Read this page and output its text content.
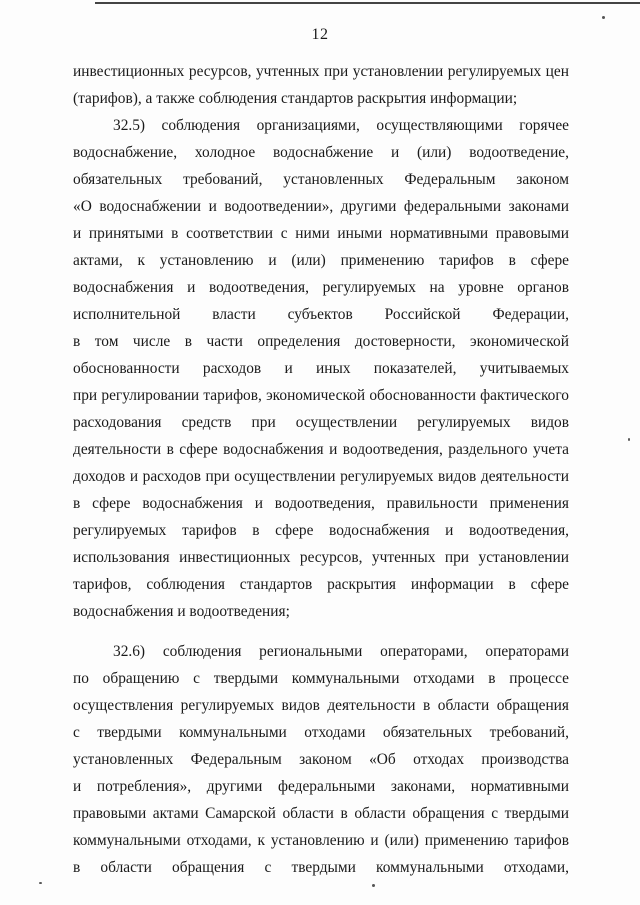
12
инвестиционных ресурсов, учтенных при установлении регулируемых цен
(тарифов), а также соблюдения стандартов раскрытия информации;
32.5) соблюдения организациями, осуществляющими горячее
водоснабжение, холодное водоснабжение и (или) водоотведение,
обязательных требований, установленных Федеральным законом
«О водоснабжении и водоотведении», другими федеральными законами
и принятыми в соответствии с ними иными нормативными правовыми
актами, к установлению и (или) применению тарифов в сфере
водоснабжения и водоотведения, регулируемых на уровне органов
исполнительной власти субъектов Российской Федерации,
в том числе в части определения достоверности, экономической
обоснованности расходов и иных показателей, учитываемых
при регулировании тарифов, экономической обоснованности фактического
расходования средств при осуществлении регулируемых видов
деятельности в сфере водоснабжения и водоотведения, раздельного учета
доходов и расходов при осуществлении регулируемых видов деятельности
в сфере водоснабжения и водоотведения, правильности применения
регулируемых тарифов в сфере водоснабжения и водоотведения,
использования инвестиционных ресурсов, учтенных при установлении
тарифов, соблюдения стандартов раскрытия информации в сфере
водоснабжения и водоотведения;
32.6) соблюдения региональными операторами, операторами
по обращению с твердыми коммунальными отходами в процессе
осуществления регулируемых видов деятельности в области обращения
с твердыми коммунальными отходами обязательных требований,
установленных Федеральным законом «Об отходах производства
и потребления», другими федеральными законами, нормативными
правовыми актами Самарской области в области обращения с твердыми
коммунальными отходами, к установлению и (или) применению тарифов
в области обращения с твердыми коммунальными отходами,
